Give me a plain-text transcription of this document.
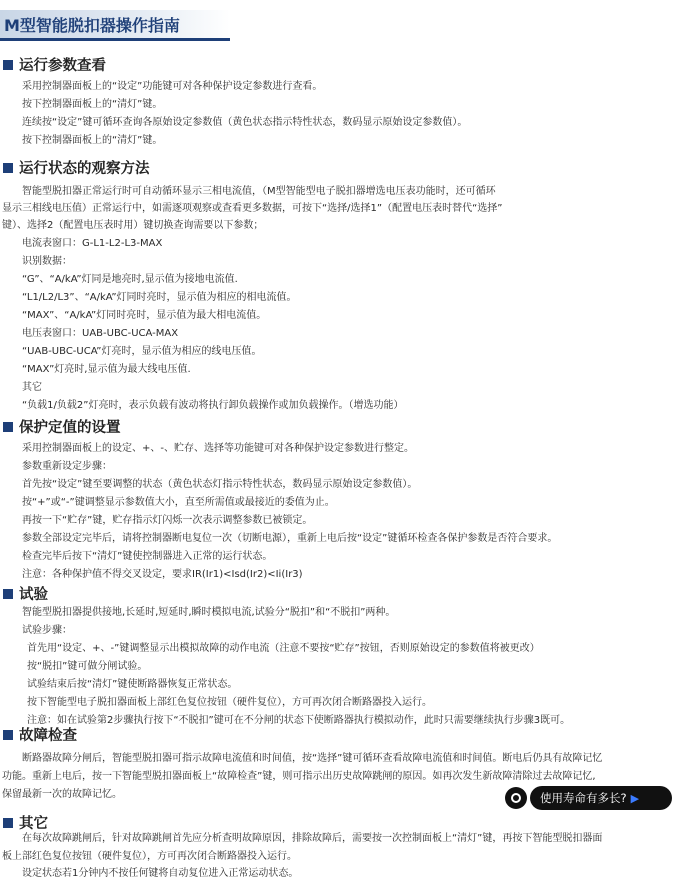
M型智能脱扣器操作指南
运行参数查看
采用控制器面板上的“设定”功能键可对各种保护设定参数进行查看。
按下控制器面板上的“清灯”键。
连续按“设定”键可循环查询各原始设定参数值（黄色状态指示特性状态，数码显示原始设定参数值）。
按下控制器面板上的“清灯”键。
运行状态的观察方法
智能型脱扣器正常运行时可自动循环显示三相电流值，（M型智能型电子脱扣器增选电压表功能时，还可循环
显示三相线电压值）正常运行中，如需逐项观察或查看更多数据，可按下“选择/选择1”（配置电压表时替代“选择”
键）、选择2（配置电压表时用）键切换查询需要以下参数；
电流表窗口：G-L1-L2-L3-MAX
识别数据：
“G”、“A/kA”灯同是地亮时,显示值为接地电流值.
“L1/L2/L3”、“A/kA”灯同时亮时，显示值为相应的相电流值。
“MAX”、“A/kA”灯同时亮时，显示值为最大相电流值。
电压表窗口：UAB-UBC-UCA-MAX
“UAB-UBC-UCA”灯亮时，显示值为相应的线电压值。
“MAX”灯亮时,显示值为最大线电压值.
其它
“负载1/负载2”灯亮时，表示负载有波动将执行卸负载操作或加负载操作。（增选功能）
保护定值的设置
采用控制器面板上的设定、+、-、贮存、选择等功能键可对各种保护设定参数进行整定。
参数重新设定步骤：
首先按“设定”键至要调整的状态（黄色状态灯指示特性状态，数码显示原始设定参数值）。
按“+”或“-”键调整显示参数值大小，直至所需值或最接近的委值为止。
再按一下“贮存”键，贮存指示灯闪烁一次表示调整参数已被锁定。
参数全部设定完毕后，请将控制器断电复位一次（切断电源），重新上电后按“设定”键循环检查各保护参数是否符合要求。
检查完毕后按下“清灯”键使控制器进入正常的运行状态。
注意：各种保护值不得交叉设定，要求IR(Ir1)<Isd(Ir2)<Ii(Ir3)
试验
智能型脱扣器提供接地,长延时,短延时,瞬时模拟电流,试验分“脱扣”和“不脱扣”两种。
试验步骤：
首先用“设定、+、-”键调整显示出模拟故障的动作电流（注意不要按“贮存”按钮，否则原始设定的参数值将被更改）
按“脱扣”键可做分闸试验。
试验结束后按“清灯”键使断路器恢复正常状态。
按下智能型电子脱扣器面板上部红色复位按钮（硬件复位），方可再次闭合断路器投入运行。
注意：如在试验第2步骤执行按下“不脱扣”键可在不分闸的状态下使断路器执行模拟动作，此时只需要继续执行步骤3既可。
故障检查
断路器故障分闸后，智能型脱扣器可指示故障电流值和时间值，按“选择”键可循环查看故障电流值和时间值。断电后仍具有故障记忆
功能。重新上电后，按一下智能型脱扣器面板上“故障检查”键，则可指示出历史故障跳闸的原因。如再次发生新故障清除过去故障记忆,
保留最新一次的故障记忆。
其它
在每次故障跳闸后，针对故障跳闸首先应分析查明故障原因，排除故障后，需要按一次控制面板上“清灯”键，再按下智能型脱扣器面
板上部红色复位按钮（硬件复位），方可再次闭合断路器投入运行。
设定状态若1分钟内不按任何键将自动复位进入正常运动状态。
使用寿命有多长? ▶
